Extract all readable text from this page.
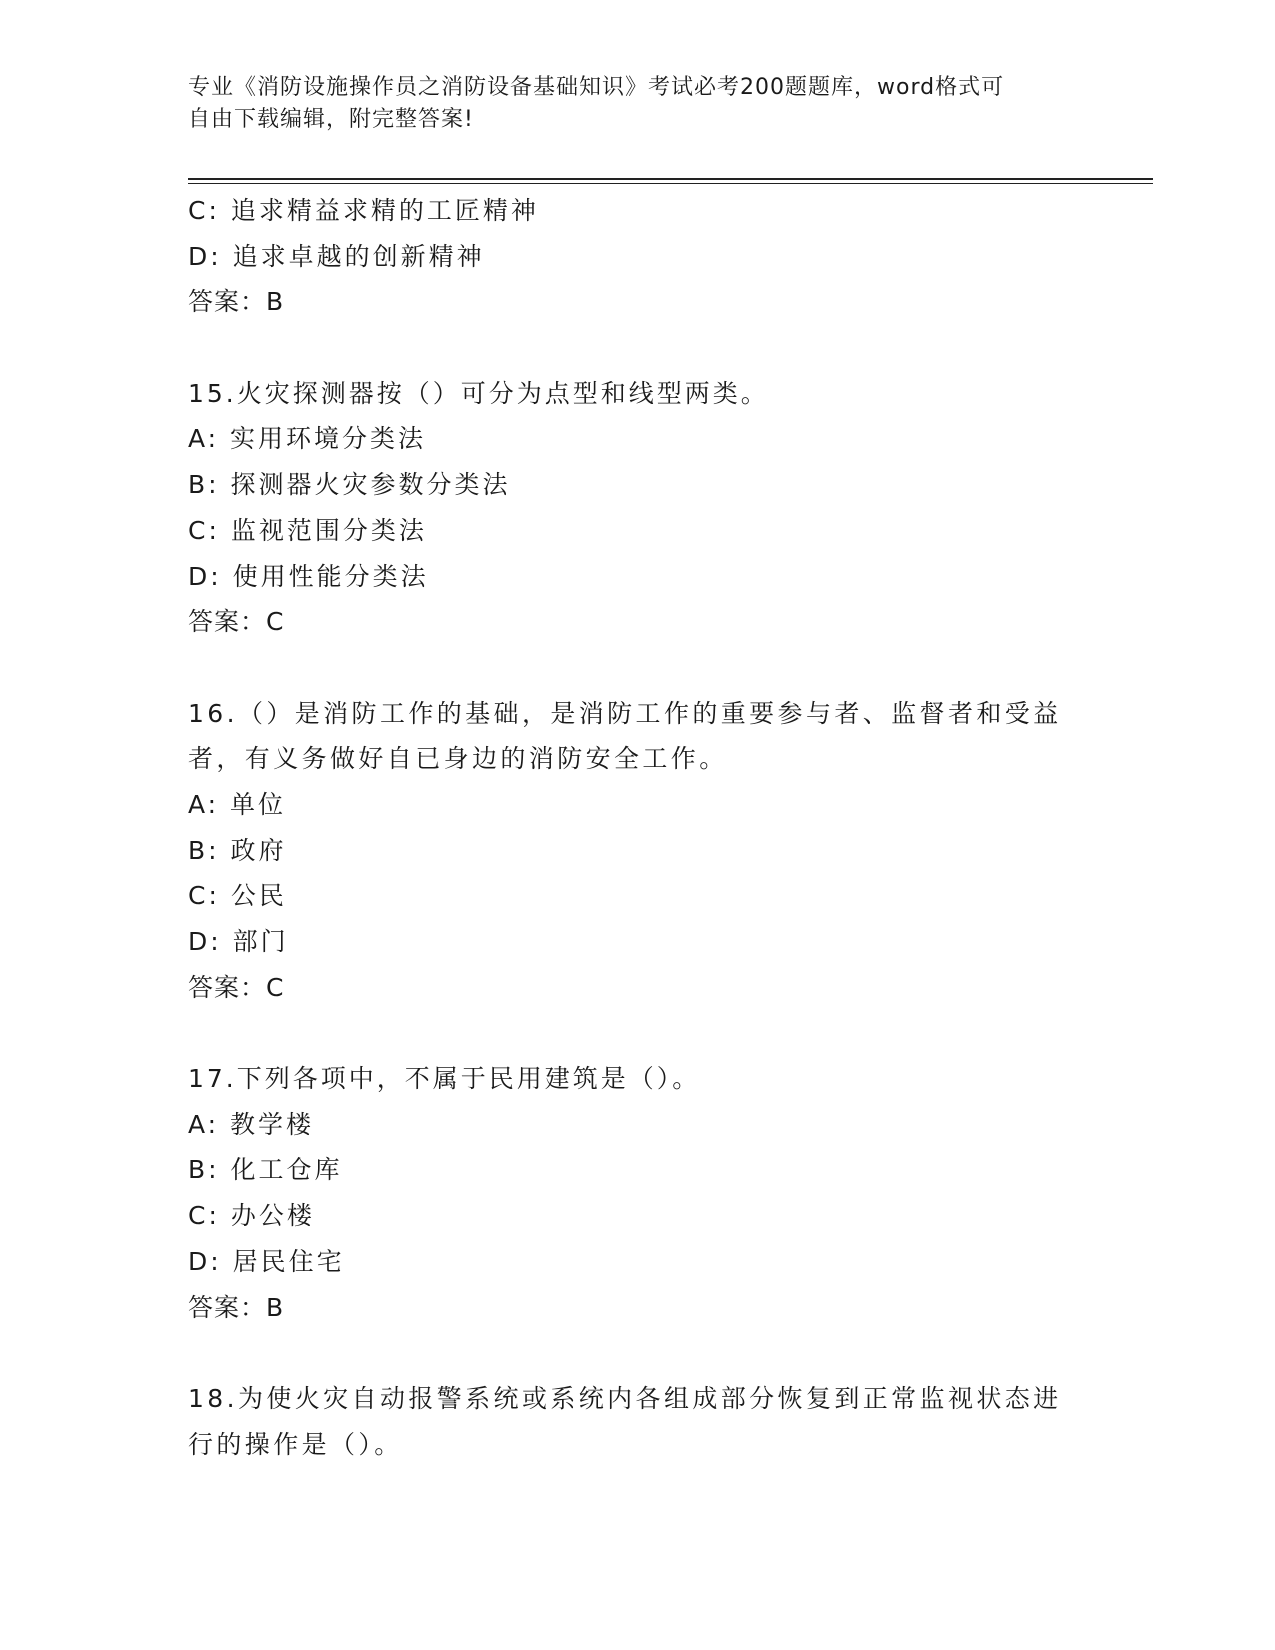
专业《消防设施操作员之消防设备基础知识》考试必考200题题库，word格式可
自由下载编辑，附完整答案!
C: 追求精益求精的工匠精神
D: 追求卓越的创新精神
答案：B
15.火灾探测器按（）可分为点型和线型两类。
A: 实用环境分类法
B: 探测器火灾参数分类法
C: 监视范围分类法
D: 使用性能分类法
答案：C
16.（）是消防工作的基础，是消防工作的重要参与者、监督者和受益者，有义务做好自已身边的消防安全工作。
A: 单位
B: 政府
C: 公民
D: 部门
答案：C
17.下列各项中，不属于民用建筑是（）。
A: 教学楼
B: 化工仓库
C: 办公楼
D: 居民住宅
答案：B
18.为使火灾自动报警系统或系统内各组成部分恢复到正常监视状态进行的操作是（）。
